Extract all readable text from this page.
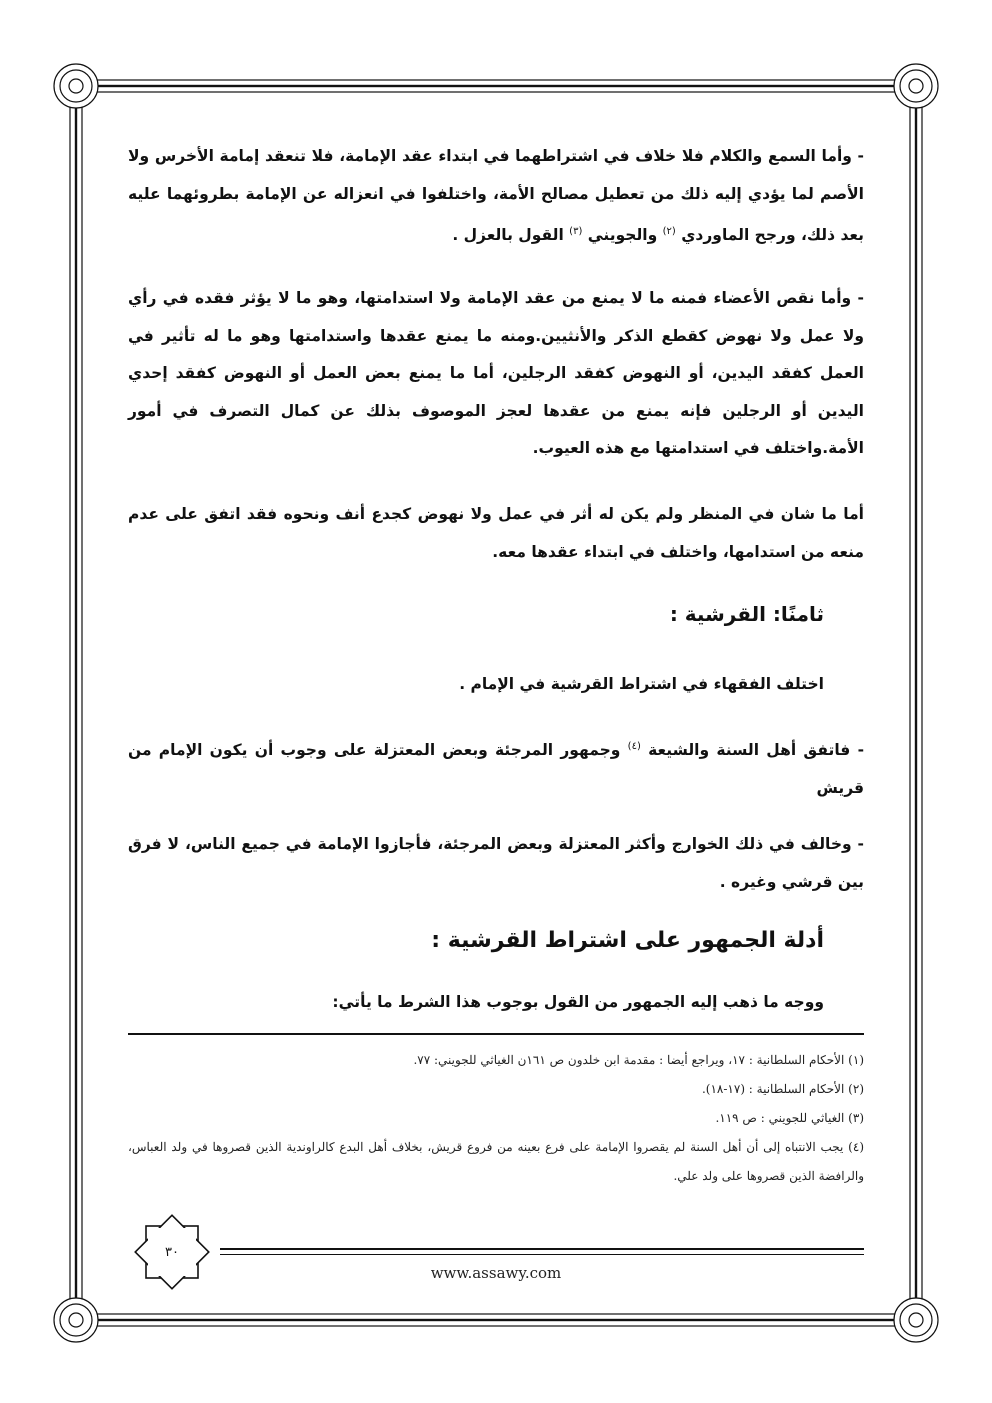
- وأما السمع والكلام فلا خلاف في اشتراطهما في ابتداء عقد الإمامة، فلا تنعقد إمامة الأخرس ولا الأصم لما يؤدي إليه ذلك من تعطيل مصالح الأمة، واختلفوا في انعزاله عن الإمامة بطروئهما عليه بعد ذلك، ورجح الماوردي $^{(٢)}$ والجويني $^{(٣)}$ القول بالعزل .

- وأما نقص الأعضاء فمنه ما لا يمنع من عقد الإمامة ولا استدامتها، وهو ما لا يؤثر فقده في رأي ولا عمل ولا نهوض كقطع الذكر والأنثيين.ومنه ما يمنع عقدها واستدامتها وهو ما له تأثير في العمل كفقد اليدين، أو النهوض كفقد الرجلين، أما ما يمنع بعض العمل أو النهوض كفقد إحدي اليدين أو الرجلين فإنه يمنع من عقدها لعجز الموصوف بذلك عن كمال التصرف في أمور الأمة.واختلف في استدامتها مع هذه العيوب.

أما ما شان في المنظر ولم يكن له أثر في عمل ولا نهوض كجدع أنف ونحوه فقد اتفق على عدم منعه من استدامها، واختلف في ابتداء عقدها معه.

ثامنًا: القرشية :

اختلف الفقهاء في اشتراط القرشية في الإمام .

- فاتفق أهل السنة والشيعة $^{(٤)}$ وجمهور المرجئة وبعض المعتزلة على وجوب أن يكون الإمام من قريش

- وخالف في ذلك الخوارج وأكثر المعتزلة وبعض المرجئة، فأجازوا الإمامة في جميع الناس، لا فرق بين قرشي وغيره .

أدلة الجمهور على اشتراط القرشية :

ووجه ما ذهب إليه الجمهور من القول بوجوب هذا الشرط ما يأتي:

(١) الأحكام السلطانية : ١٧، ويراجع أيضا : مقدمة ابن خلدون ص ١٦١ن الغياثي للجويني: ٧٧.

(٢) الأحكام السلطانية : (١٧-١٨).

(٣) الغياثي للجويني : ص ١١٩.

(٤) يجب الانتباه إلى أن أهل السنة لم يقصروا الإمامة على فرع بعينه من فروع قريش، بخلاف أهل البدع كالراوندية الذين قصروها في ولد العباس، والرافضة الذين قصروها على ولد علي.

٣٠
www.assawy.com
